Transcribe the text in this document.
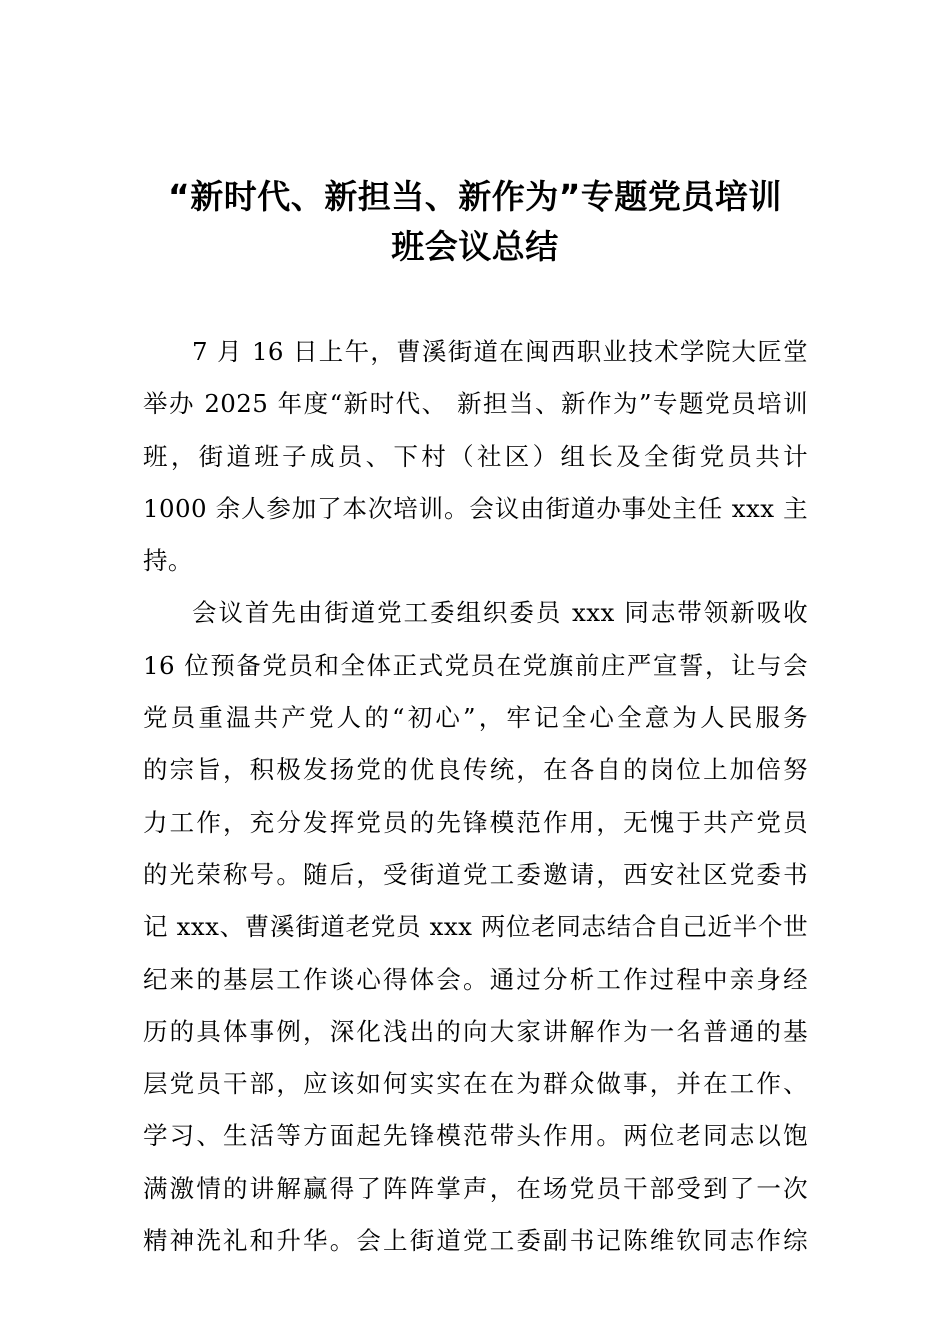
“新时代、新担当、新作为”专题党员培训
班会议总结

7 月 16 日上午，曹溪街道在闽西职业技术学院大匠堂
举办 2025 年度“新时代、 新担当、新作为”专题党员培训
班，街道班子成员、下村（社区）组长及全街党员共计
1000 余人参加了本次培训。会议由街道办事处主任 xxx 主
持。

会议首先由街道党工委组织委员 xxx 同志带领新吸收
16 位预备党员和全体正式党员在党旗前庄严宣誓，让与会
党员重温共产党人的“初心”，牢记全心全意为人民服务
的宗旨，积极发扬党的优良传统，在各自的岗位上加倍努
力工作，充分发挥党员的先锋模范作用，无愧于共产党员
的光荣称号。随后，受街道党工委邀请，西安社区党委书
记 xxx、曹溪街道老党员 xxx 两位老同志结合自己近半个世
纪来的基层工作谈心得体会。通过分析工作过程中亲身经
历的具体事例，深化浅出的向大家讲解作为一名普通的基
层党员干部，应该如何实实在在为群众做事，并在工作、
学习、生活等方面起先锋模范带头作用。两位老同志以饱
满激情的讲解赢得了阵阵掌声，在场党员干部受到了一次
精神洗礼和升华。会上街道党工委副书记陈维钦同志作综
